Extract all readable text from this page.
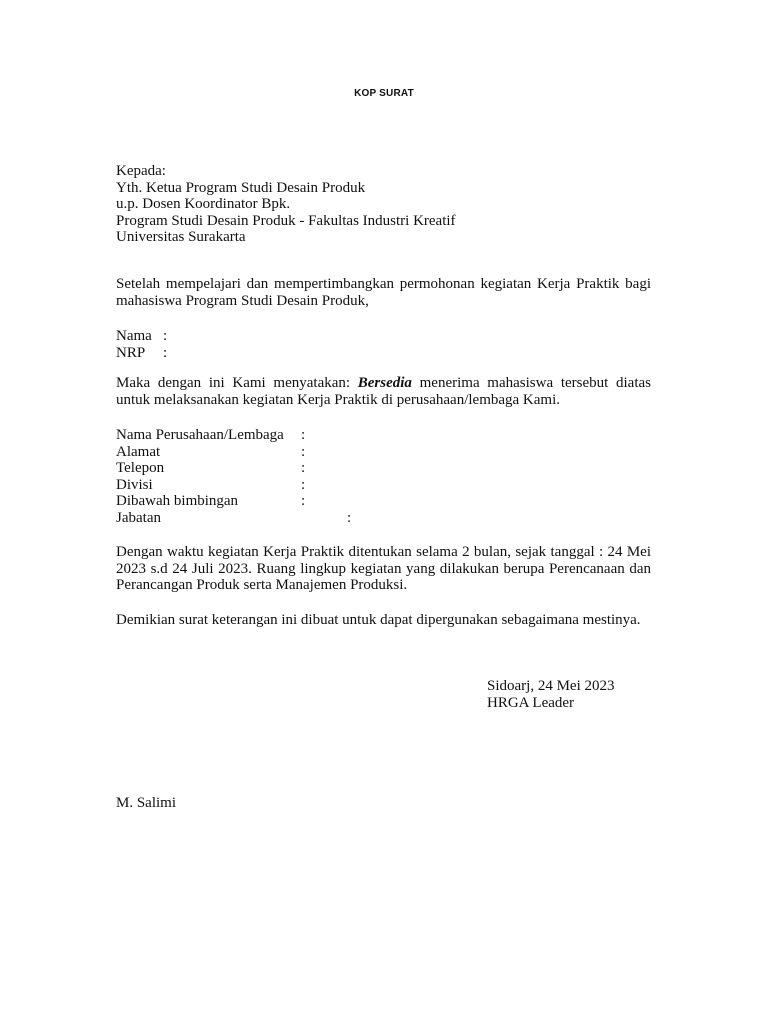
KOP SURAT
Kepada:
Yth. Ketua Program Studi Desain Produk
u.p. Dosen Koordinator Bpk.
Program Studi Desain Produk - Fakultas Industri Kreatif
Universitas Surakarta
Setelah mempelajari dan mempertimbangkan permohonan kegiatan Kerja Praktik bagi mahasiswa Program Studi Desain Produk,
Nama :
NRP :
Maka dengan ini Kami menyatakan: Bersedia menerima mahasiswa tersebut diatas untuk melaksanakan kegiatan Kerja Praktik di perusahaan/lembaga Kami.
Nama Perusahaan/Lembaga :
Alamat	:
Telepon	:
Divisi	:
Dibawah bimbingan	:
Jabatan	:
Dengan waktu kegiatan Kerja Praktik ditentukan selama 2 bulan, sejak tanggal : 24 Mei 2023 s.d 24 Juli 2023. Ruang lingkup kegiatan yang dilakukan berupa Perencanaan dan Perancangan Produk serta Manajemen Produksi.
Demikian surat keterangan ini dibuat untuk dapat dipergunakan sebagaimana mestinya.
Sidoarj, 24 Mei 2023
HRGA Leader
M. Salimi
